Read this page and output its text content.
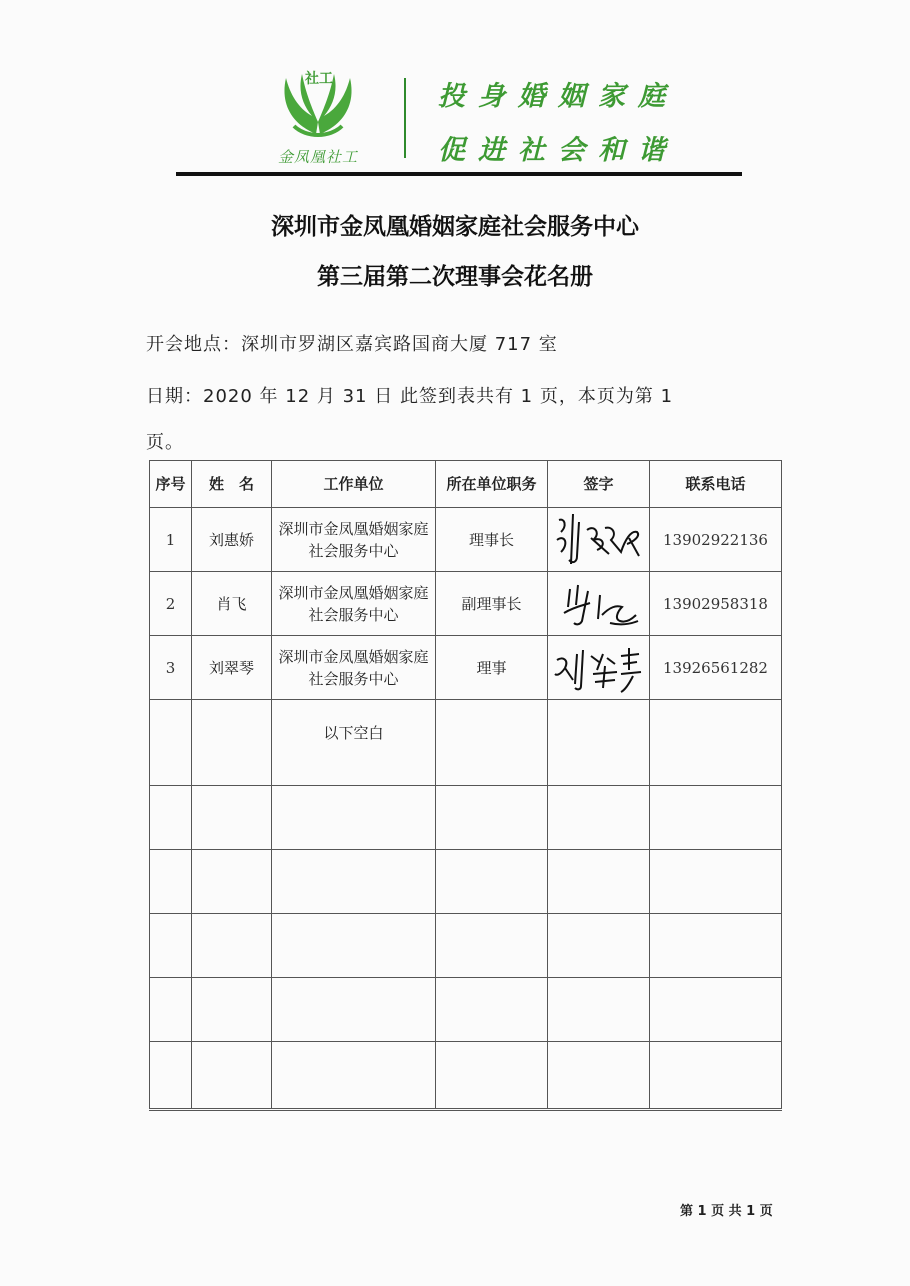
社工
金凤凰社工
投身婚姻家庭
促进社会和谐
深圳市金凤凰婚姻家庭社会服务中心
第三届第二次理事会花名册
开会地点：深圳市罗湖区嘉宾路国商大厦 717 室
日期：2020 年 12 月 31 日 此签到表共有 1 页，本页为第 1
页。
序号	姓　名	工作单位	所在单位职务	签字	联系电话
1	刘惠娇	深圳市金凤凰婚姻家庭社会服务中心	理事长		13902922136
2	肖飞	深圳市金凤凰婚姻家庭社会服务中心	副理事长		13902958318
3	刘翠琴	深圳市金凤凰婚姻家庭社会服务中心	理事		13926561282
		以下空白			

第 1 页 共 1 页
